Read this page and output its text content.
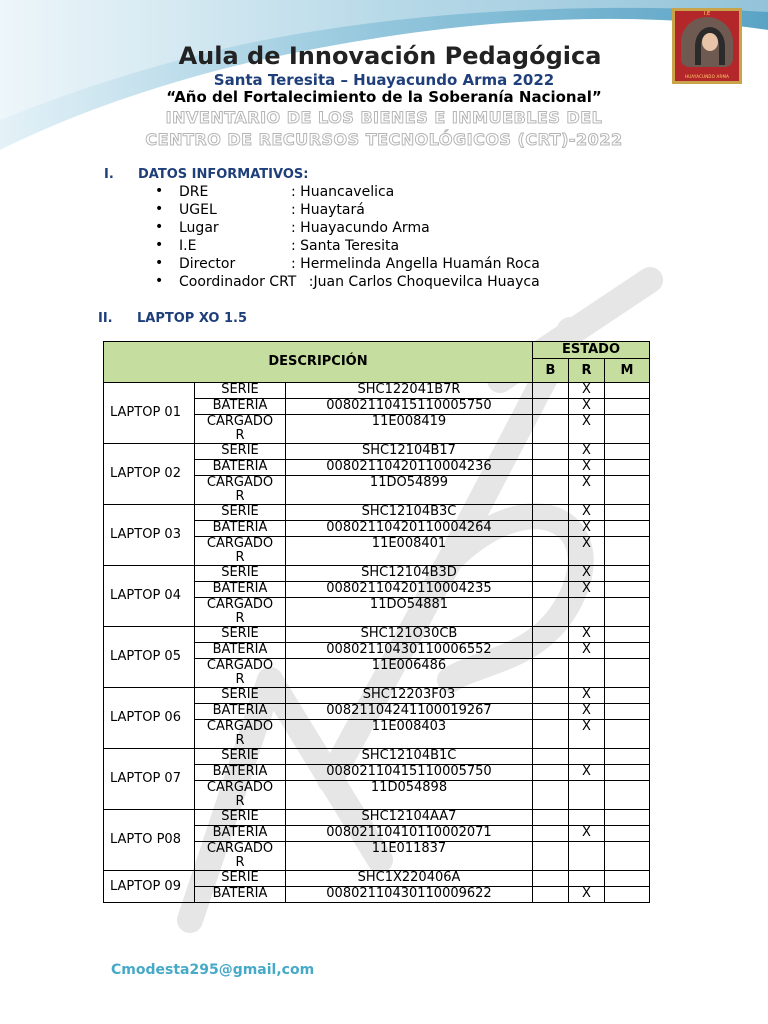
I.E
HUAYACUNDO ARMA
Aula de Innovación Pedagógica
Santa Teresita – Huayacundo Arma 2022
“Año del Fortalecimiento de la Soberanía Nacional”
INVENTARIO DE LOS BIENES E INMUEBLES DEL
CENTRO DE RECURSOS TECNOLÓGICOS (CRT)-2022
I. DATOS INFORMATIVOS:
• DRE	: Huancavelica
• UGEL	: Huaytará
• Lugar	: Huayacundo Arma
• I.E	: Santa Teresita
• Director	: Hermelinda Angella Huamán Roca
• Coordinador CRT
:Juan Carlos Choquevilca Huayca
II. LAPTOP XO 1.5
DESCRIPCIÓN			ESTADO		
			B	R	M
LAPTOP 01	SERIE	SHC122041B7R		X	
	BATERIA	00802110415110005750		X	
	CARGADO
R	11E008419		X	
LAPTOP 02	SERIE	SHC12104B17		X	
	BATERIA	00802110420110004236		X	
	CARGADO
R	11DO54899		X	
LAPTOP 03	SERIE	SHC12104B3C		X	
	BATERIA	00802110420110004264		X	
	CARGADO
R	11E008401		X	
LAPTOP 04	SERIE	SHC12104B3D		X	
	BATERIA	00802110420110004235		X	
	CARGADO
R	11DO54881			
LAPTOP 05	SERIE	SHC121O30CB		X	
	BATERIA	00802110430110006552		X	
	CARGADO
R	11E006486			
LAPTOP 06	SERIE	SHC12203F03		X	
	BATERIA	00821104241100019267		X	
	CARGADO
R	11E008403		X	
LAPTOP 07	SERIE	SHC12104B1C			
	BATERIA	00802110415110005750		X	
	CARGADO
R	11D054898			
LAPTO P08	SERIE	SHC12104AA7			
	BATERIA	00802110410110002071		X	
	CARGADO
R	11E011837			
LAPTOP 09	SERIE	SHC1X220406A			
	BATERIA	00802110430110009622		X	
Cmodesta295@gmail,com
